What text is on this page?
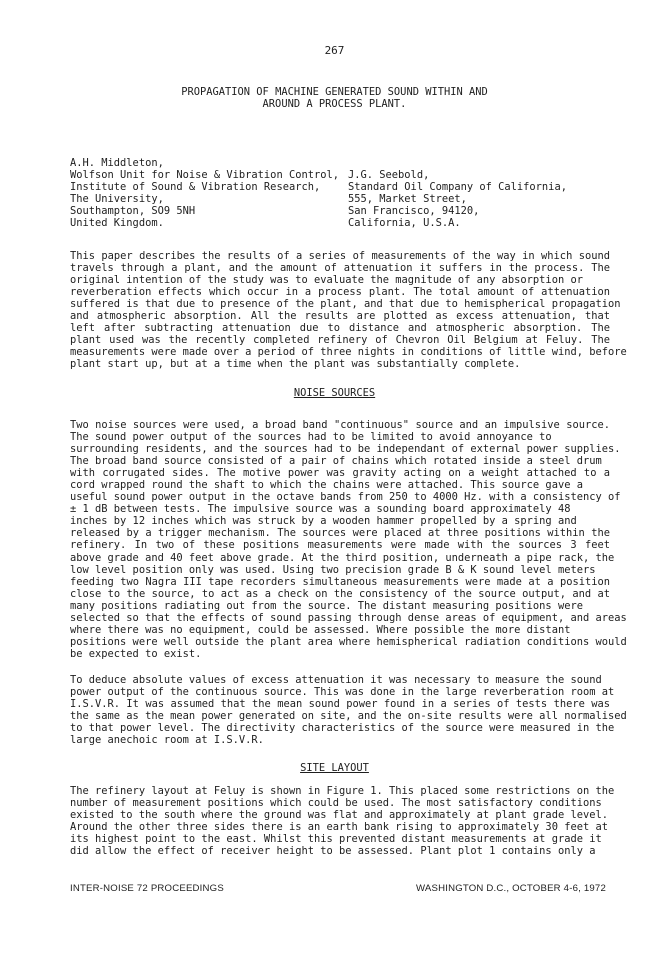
267
PROPAGATION OF MACHINE GENERATED SOUND WITHIN AND
AROUND A PROCESS PLANT.
A.H. Middleton,
Wolfson Unit for Noise & Vibration Control,
Institute of Sound & Vibration Research,
The University,
Southampton, SO9 5NH
United Kingdom.
J.G. Seebold,
Standard Oil Company of California,
555, Market Street,
San Francisco, 94120,
California, U.S.A.
This paper describes the results of a series of measurements of the way in which sound
travels through a plant, and the amount of attenuation it suffers in the process. The
original intention of the study was to evaluate the magnitude of any absorption or
reverberation effects which occur in a process plant. The total amount of attenuation
suffered is that due to presence of the plant, and that due to hemispherical propagation
and atmospheric absorption. All the results are plotted as excess attenuation, that
left after subtracting attenuation due to distance and atmospheric absorption. The
plant used was the recently completed refinery of Chevron Oil Belgium at Feluy. The
measurements were made over a period of three nights in conditions of little wind, before
plant start up, but at a time when the plant was substantially complete.
NOISE SOURCES
Two noise sources were used, a broad band "continuous" source and an impulsive source.
The sound power output of the sources had to be limited to avoid annoyance to
surrounding residents, and the sources had to be independant of external power supplies.
The broad band source consisted of a pair of chains which rotated inside a steel drum
with corrugated sides. The motive power was gravity acting on a weight attached to a
cord wrapped round the shaft to which the chains were attached. This source gave a
useful sound power output in the octave bands from 250 to 4000 Hz. with a consistency of
± 1 dB between tests. The impulsive source was a sounding board approximately 48
inches by 12 inches which was struck by a wooden hammer propelled by a spring and
released by a trigger mechanism. The sources were placed at three positions within the
refinery. In two of these positions measurements were made with the sources 3 feet
above grade and 40 feet above grade. At the third position, underneath a pipe rack, the
low level position only was used. Using two precision grade B & K sound level meters
feeding two Nagra III tape recorders simultaneous measurements were made at a position
close to the source, to act as a check on the consistency of the source output, and at
many positions radiating out from the source. The distant measuring positions were
selected so that the effects of sound passing through dense areas of equipment, and areas
where there was no equipment, could be assessed. Where possible the more distant
positions were well outside the plant area where hemispherical radiation conditions would
be expected to exist.
To deduce absolute values of excess attenuation it was necessary to measure the sound
power output of the continuous source. This was done in the large reverberation room at
I.S.V.R. It was assumed that the mean sound power found in a series of tests there was
the same as the mean power generated on site, and the on-site results were all normalised
to that power level. The directivity characteristics of the source were measured in the
large anechoic room at I.S.V.R.
SITE LAYOUT
The refinery layout at Feluy is shown in Figure 1. This placed some restrictions on the
number of measurement positions which could be used. The most satisfactory conditions
existed to the south where the ground was flat and approximately at plant grade level.
Around the other three sides there is an earth bank rising to approximately 30 feet at
its highest point to the east. Whilst this prevented distant measurements at grade it
did allow the effect of receiver height to be assessed. Plant plot 1 contains only a
INTER-NOISE 72 PROCEEDINGS	WASHINGTON D.C., OCTOBER 4-6, 1972
